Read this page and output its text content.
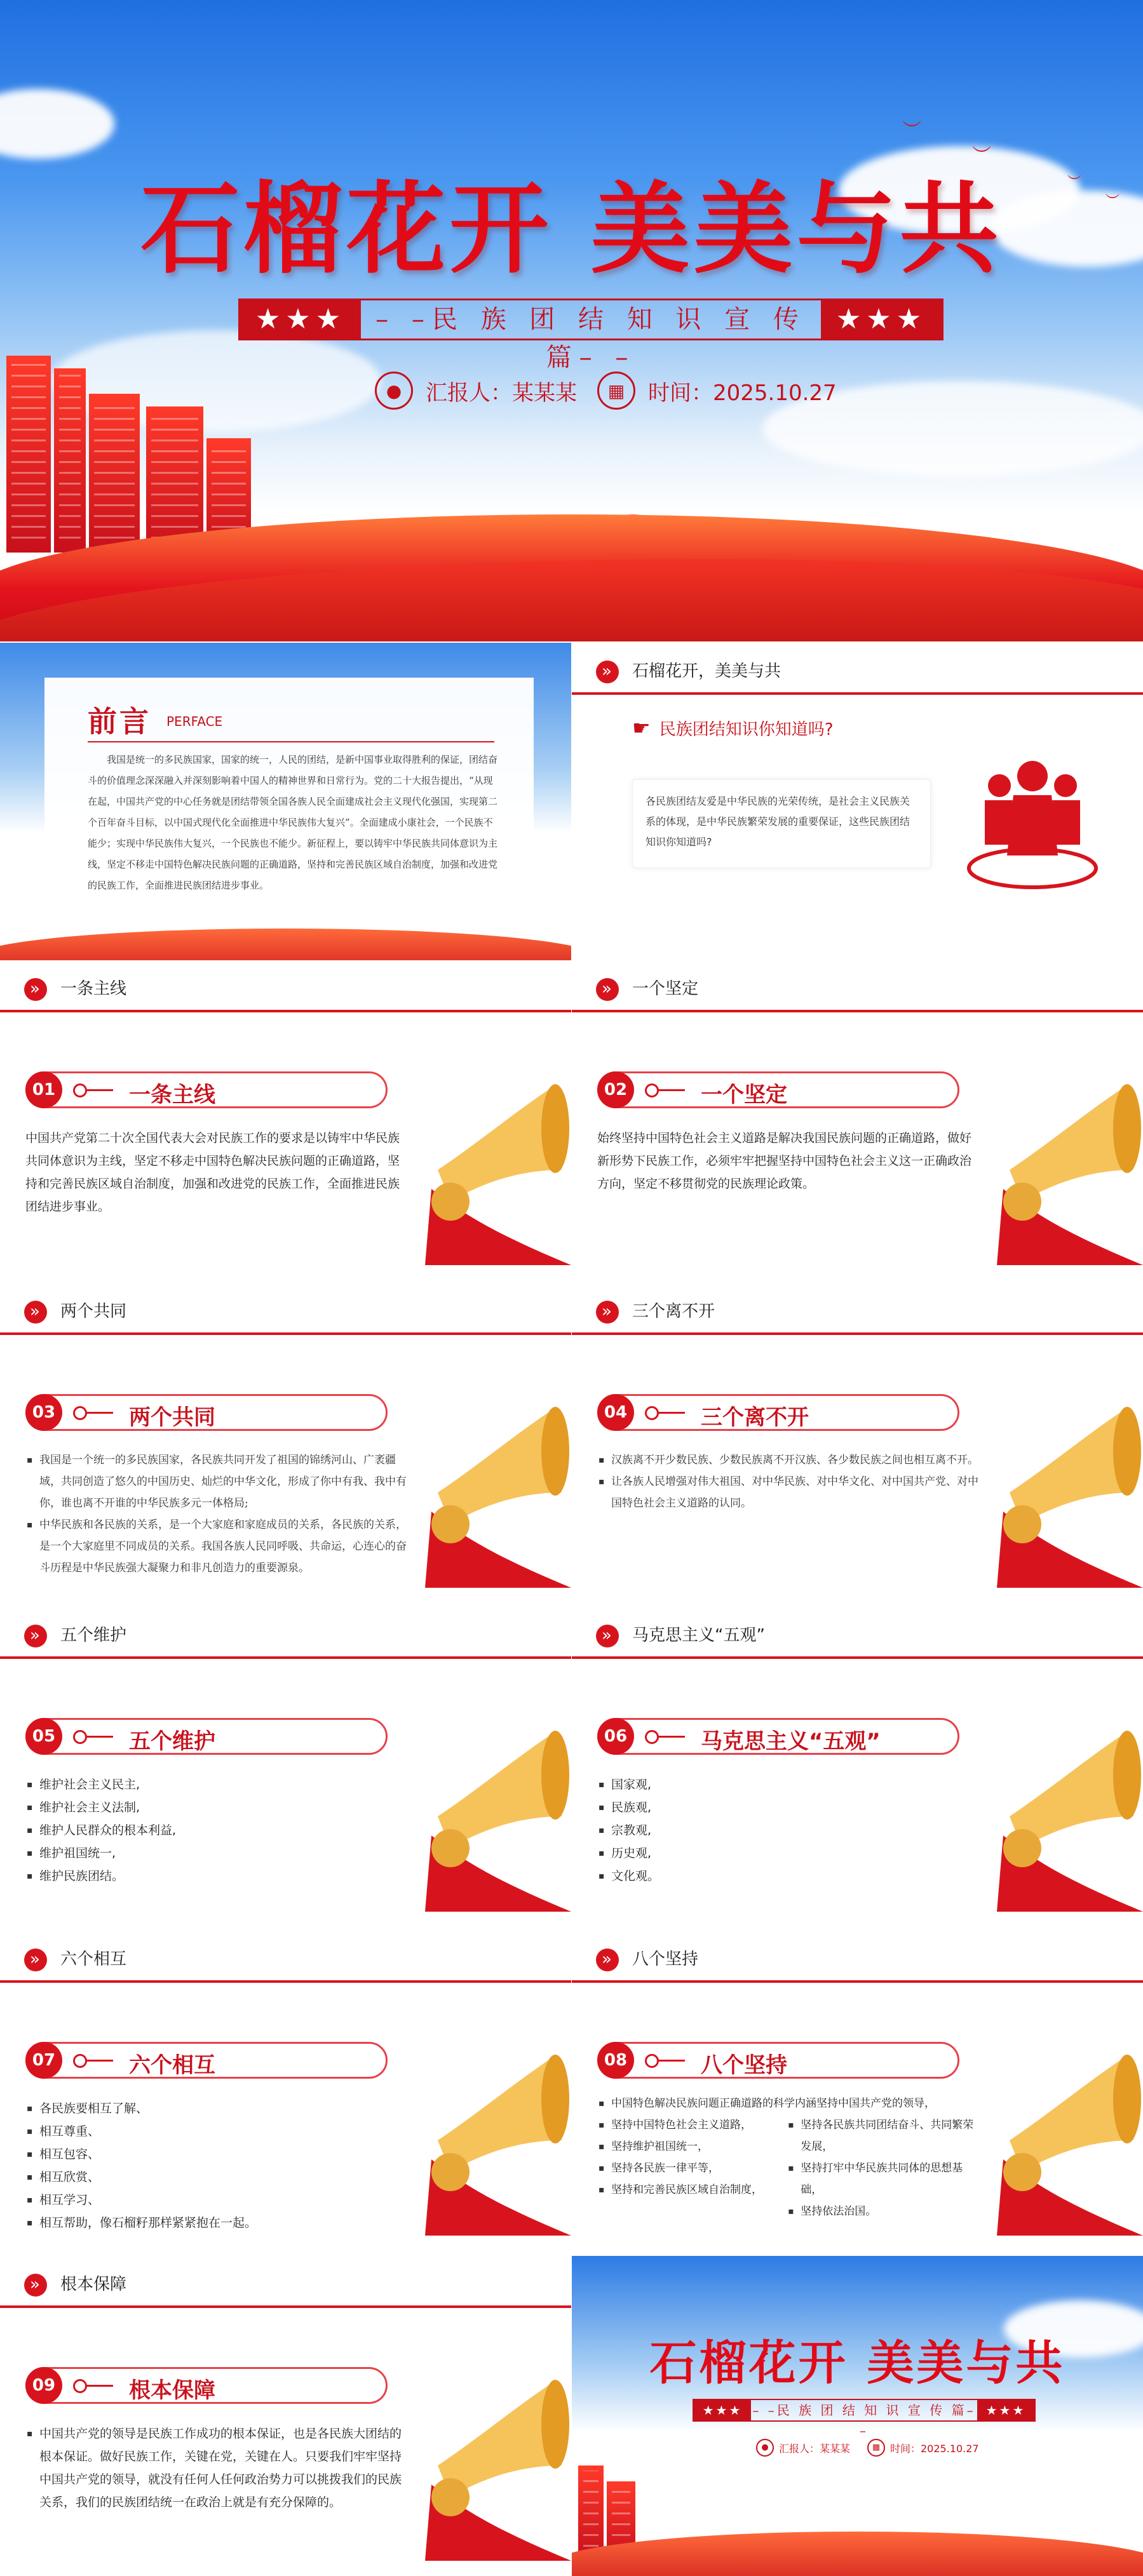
︶
︶
︶
︶
石榴花开 美美与共
★★★	– –民 族 团 结 知 识 宣 传 篇– –
★★★
●	汇报人：某某某	▦	时间：2025.10.27
前言 PERFACE
我国是统一的多民族国家，国家的统一，人民的团结，是新中国事业取得胜利的保证，团结奋斗的价值理念深深融入并深刻影响着中国人的精神世界和日常行为。党的二十大报告提出，“从现在起，中国共产党的中心任务就是团结带领全国各族人民全面建成社会主义现代化强国，实现第二个百年奋斗目标，以中国式现代化全面推进中华民族伟大复兴”。全面建成小康社会，一个民族不能少；实现中华民族伟大复兴，一个民族也不能少。新征程上，要以铸牢中华民族共同体意识为主线，坚定不移走中国特色解决民族问题的正确道路，坚持和完善民族区域自治制度，加强和改进党的民族工作，全面推进民族团结进步事业。
»
石榴花开，美美与共
☛ 民族团结知识你知道吗?
各民族团结友爱是中华民族的光荣传统，是社会主义民族关系的体现，是中华民族繁荣发展的重要保证，这些民族团结知识你知道吗?
»
一条主线
01	一条主线
中国共产党第二十次全国代表大会对民族工作的要求是以铸牢中华民族共同体意识为主线，坚定不移走中国特色解决民族问题的正确道路，坚持和完善民族区域自治制度，加强和改进党的民族工作，全面推进民族团结进步事业。
»
一个坚定
02	一个坚定
始终坚持中国特色社会主义道路是解决我国民族问题的正确道路，做好新形势下民族工作，必须牢牢把握坚持中国特色社会主义这一正确政治方向，坚定不移贯彻党的民族理论政策。
»
两个共同
03	两个共同
▪ 我国是一个统一的多民族国家，各民族共同开发了祖国的锦绣河山、广袤疆域，共同创造了悠久的中国历史、灿烂的中华文化，形成了你中有我、我中有你，谁也离不开谁的中华民族多元一体格局;
▪ 中华民族和各民族的关系，是一个大家庭和家庭成员的关系，各民族的关系，是一个大家庭里不同成员的关系。我国各族人民同呼吸、共命运，心连心的奋斗历程是中华民族强大凝聚力和非凡创造力的重要源泉。
»
三个离不开
04	三个离不开
▪ 汉族离不开少数民族、少数民族离不开汉族、各少数民族之间也相互离不开。
▪ 让各族人民增强对伟大祖国、对中华民族、对中华文化、对中国共产党、对中国特色社会主义道路的认同。
»
五个维护
05	五个维护
▪ 维护社会主义民主,
▪ 维护社会主义法制,
▪ 维护人民群众的根本利益,
▪ 维护祖国统一,
▪ 维护民族团结。
»
马克思主义“五观”
06	马克思主义“五观”
▪ 国家观,
▪ 民族观,
▪ 宗教观,
▪ 历史观,
▪ 文化观。
»
六个相互
07	六个相互
▪ 各民族要相互了解、
▪ 相互尊重、
▪ 相互包容、
▪ 相互欣赏、
▪ 相互学习、
▪ 相互帮助，像石榴籽那样紧紧抱在一起。
»
八个坚持
08	八个坚持
▪ 中国特色解决民族问题正确道路的科学内涵坚持中国共产党的领导，
▪ 坚持中国特色社会主义道路，
▪ 坚持维护祖国统一，
▪ 坚持各民族一律平等，
▪ 坚持和完善民族区域自治制度，
▪ 坚持各民族共同团结奋斗、共同繁荣发展，
▪ 坚持打牢中华民族共同体的思想基础，
▪ 坚持依法治国。
»
根本保障
09	根本保障
▪ 中国共产党的领导是民族工作成功的根本保证，也是各民族大团结的根本保证。做好民族工作，关键在党，关键在人。只要我们牢牢坚持中国共产党的领导，就没有任何人任何政治势力可以挑拨我们的民族关系，我们的民族团结统一在政治上就是有充分保障的。
石榴花开 美美与共
★★★ – –民 族 团 结 知 识 宣 传 篇– –
★★★
●	汇报人：某某某	▦ 时间：2025.10.27
